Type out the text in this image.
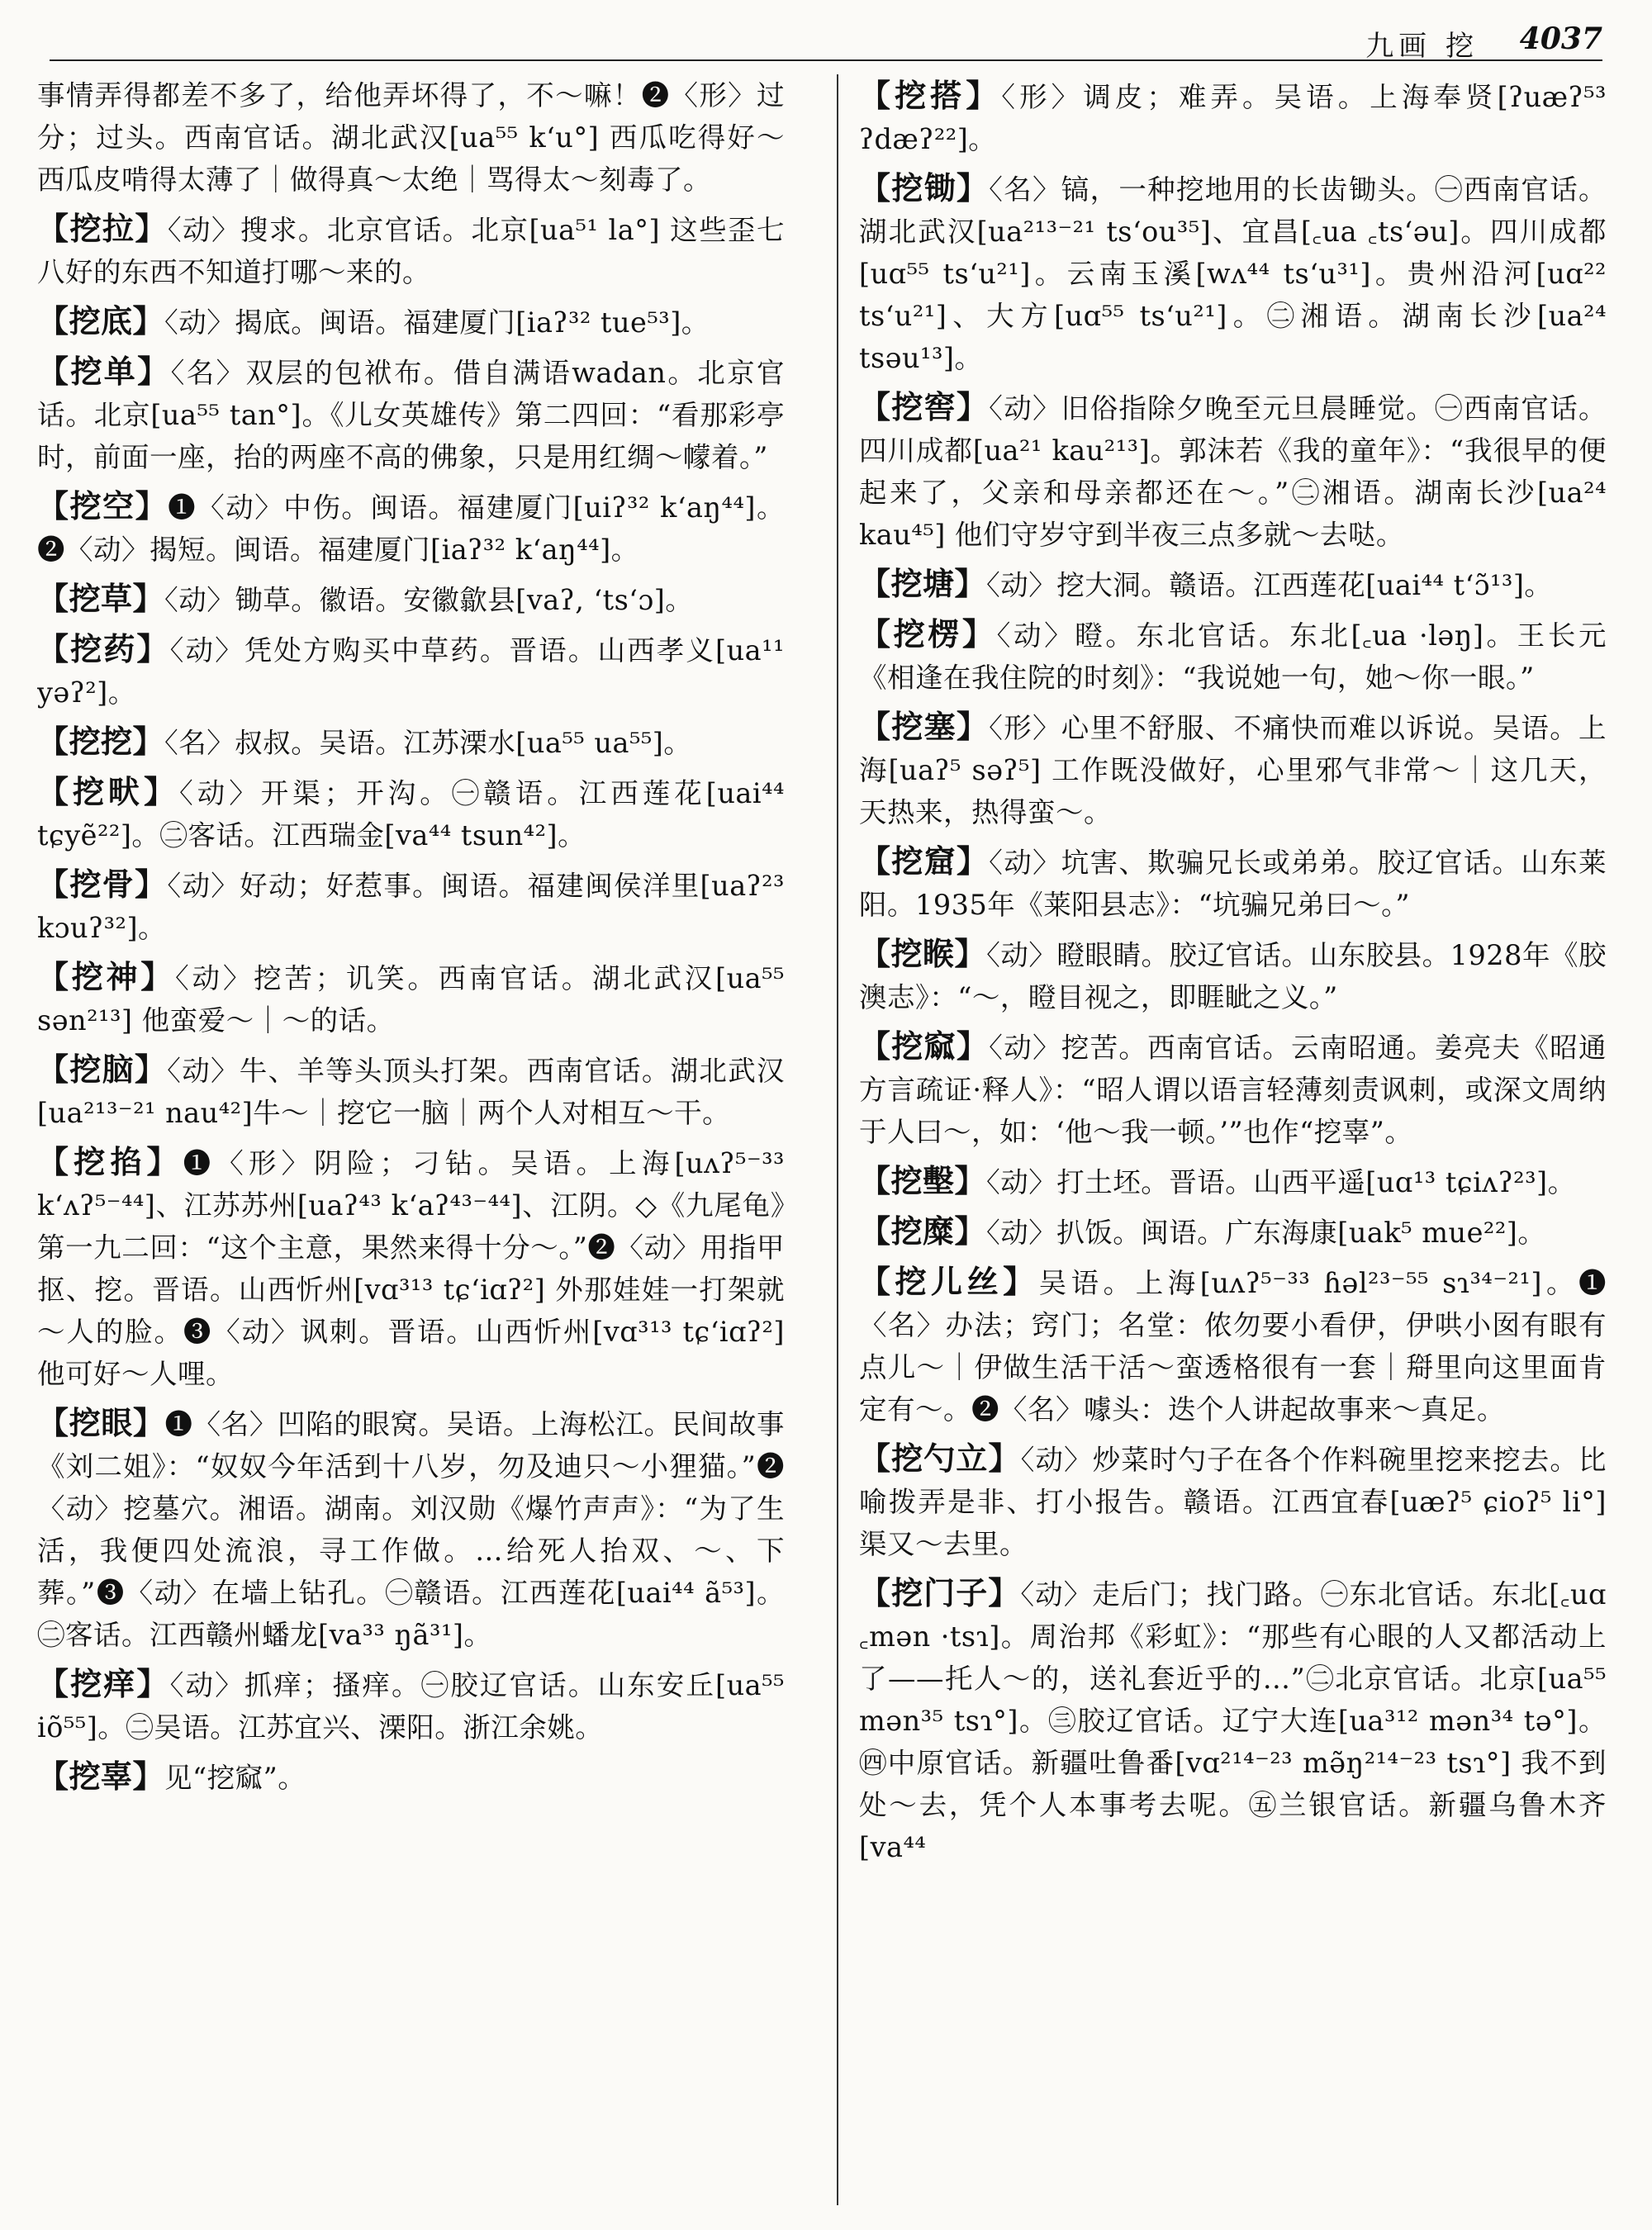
九画 挖 4037

事情弄得都差不多了，给他弄坏得了，不～嘛！❷〈形〉过分；过头。西南官话。湖北武汉[ua⁵⁵ k‘u°] 西瓜吃得好～西瓜皮啃得太薄了｜做得真～太绝｜骂得太～刻毒了。

【挖拉】〈动〉搜求。北京官话。北京[ua⁵¹ la°] 这些歪七八好的东西不知道打哪～来的。

【挖底】〈动〉揭底。闽语。福建厦门[iaʔ³² tue⁵³]。

【挖单】〈名〉双层的包袱布。借自满语wadan。北京官话。北京[ua⁵⁵ tan°]。《儿女英雄传》第二四回：“看那彩亭时，前面一座，抬的两座不高的佛象，只是用红绸～幪着。”

【挖空】❶〈动〉中伤。闽语。福建厦门[uiʔ³² k‘aŋ⁴⁴]。❷〈动〉揭短。闽语。福建厦门[iaʔ³² k‘aŋ⁴⁴]。

【挖草】〈动〉锄草。徽语。安徽歙县[vaʔ, ‘ts‘ɔ]。

【挖药】〈动〉凭处方购买中草药。晋语。山西孝义[ua¹¹ yəʔ²]。

【挖挖】〈名〉叔叔。吴语。江苏溧水[ua⁵⁵ ua⁵⁵]。

【挖畎】〈动〉开渠；开沟。㊀赣语。江西莲花[uai⁴⁴ tɕyẽ²²]。㊁客话。江西瑞金[va⁴⁴ tsun⁴²]。

【挖骨】〈动〉好动；好惹事。闽语。福建闽侯洋里[uaʔ²³ kɔuʔ³²]。

【挖神】〈动〉挖苦；讥笑。西南官话。湖北武汉[ua⁵⁵ sən²¹³] 他蛮爱～｜～的话。

【挖脑】〈动〉牛、羊等头顶头打架。西南官话。湖北武汉[ua²¹³⁻²¹ nau⁴²]牛～｜挖它一脑｜两个人对相互～干。

【挖掐】❶〈形〉阴险；刁钻。吴语。上海[uʌʔ⁵⁻³³ k‘ʌʔ⁵⁻⁴⁴]、江苏苏州[uaʔ⁴³ k‘aʔ⁴³⁻⁴⁴]、江阴。◇《九尾龟》第一九二回：“这个主意，果然来得十分～。”❷〈动〉用指甲抠、挖。晋语。山西忻州[vɑ³¹³ tɕ‘iɑʔ²] 外那娃娃一打架就～人的脸。❸〈动〉讽刺。晋语。山西忻州[vɑ³¹³ tɕ‘iɑʔ²] 他可好～人哩。

【挖眼】❶〈名〉凹陷的眼窝。吴语。上海松江。民间故事《刘二姐》：“奴奴今年活到十八岁，勿及迪只～小狸猫。”❷〈动〉挖墓穴。湘语。湖南。刘汉勋《爆竹声声》：“为了生活，我便四处流浪，寻工作做。…给死人抬双、～、下葬。”❸〈动〉在墙上钻孔。㊀赣语。江西莲花[uai⁴⁴ ã⁵³]。㊁客话。江西赣州蟠龙[va³³ ŋã³¹]。

【挖痒】〈动〉抓痒；搔痒。㊀胶辽官话。山东安丘[ua⁵⁵ iõ⁵⁵]。㊁吴语。江苏宜兴、溧阳。浙江余姚。

【挖辜】见“挖窳”。

【挖搭】〈形〉调皮；难弄。吴语。上海奉贤[ʔuæʔ⁵³ ʔdæʔ²²]。

【挖锄】〈名〉镐，一种挖地用的长齿锄头。㊀西南官话。湖北武汉[ua²¹³⁻²¹ ts‘ou³⁵]、宜昌[꜀ua ꜀ts‘əu]。四川成都[uɑ⁵⁵ ts‘u²¹]。云南玉溪[wʌ⁴⁴ ts‘u³¹]。贵州沿河[uɑ²² ts‘u²¹]、大方[uɑ⁵⁵ ts‘u²¹]。㊁湘语。湖南长沙[ua²⁴ tsəu¹³]。

【挖窖】〈动〉旧俗指除夕晚至元旦晨睡觉。㊀西南官话。四川成都[ua²¹ kau²¹³]。郭沫若《我的童年》：“我很早的便起来了，父亲和母亲都还在～。”㊁湘语。湖南长沙[ua²⁴ kau⁴⁵] 他们守岁守到半夜三点多就～去哒。

【挖塘】〈动〉挖大洞。赣语。江西莲花[uai⁴⁴ t‘ɔ̃¹³]。

【挖楞】〈动〉瞪。东北官话。东北[꜀ua ·ləŋ]。王长元《相逢在我住院的时刻》：“我说她一句，她～你一眼。”

【挖塞】〈形〉心里不舒服、不痛快而难以诉说。吴语。上海[uaʔ⁵ səʔ⁵] 工作既没做好，心里邪气非常～｜这几天，天热来，热得蛮～。

【挖窟】〈动〉坑害、欺骗兄长或弟弟。胶辽官话。山东莱阳。1935年《莱阳县志》：“坑骗兄弟曰～。”

【挖睺】〈动〉瞪眼睛。胶辽官话。山东胶县。1928年《胶澳志》：“～，瞪目视之，即睚眦之义。”

【挖窳】〈动〉挖苦。西南官话。云南昭通。姜亮夫《昭通方言疏证·释人》：“昭人谓以语言轻薄刻责讽刺，或深文周纳于人曰～，如：‘他～我一顿。’”也作“挖辜”。

【挖墼】〈动〉打土坯。晋语。山西平遥[uɑ¹³ tɕiʌʔ²³]。

【挖糜】〈动〉扒饭。闽语。广东海康[uak⁵ mue²²]。

【挖儿丝】吴语。上海[uʌʔ⁵⁻³³ ɦəl²³⁻⁵⁵ sɿ³⁴⁻²¹]。❶〈名〉办法；窍门；名堂：侬勿要小看伊，伊哄小囡有眼有点儿～｜伊做生活干活～蛮透格很有一套｜搿里向这里面肯定有～。❷〈名〉噱头：迭个人讲起故事来～真足。

【挖勺立】〈动〉炒菜时勺子在各个作料碗里挖来挖去。比喻拨弄是非、打小报告。赣语。江西宜春[uæʔ⁵ ɕioʔ⁵ li°] 渠又～去里。

【挖门子】〈动〉走后门；找门路。㊀东北官话。东北[꜀uɑ ꜀mən ·tsɿ]。周治邦《彩虹》：“那些有心眼的人又都活动上了——托人～的，送礼套近乎的…”㊁北京官话。北京[ua⁵⁵ mən³⁵ tsɿ°]。㊂胶辽官话。辽宁大连[ua³¹² mən³⁴ tə°]。㊃中原官话。新疆吐鲁番[vɑ²¹⁴⁻²³ mə̃ŋ²¹⁴⁻²³ tsɿ°] 我不到处～去，凭个人本事考去呢。㊄兰银官话。新疆乌鲁木齐[va⁴⁴
